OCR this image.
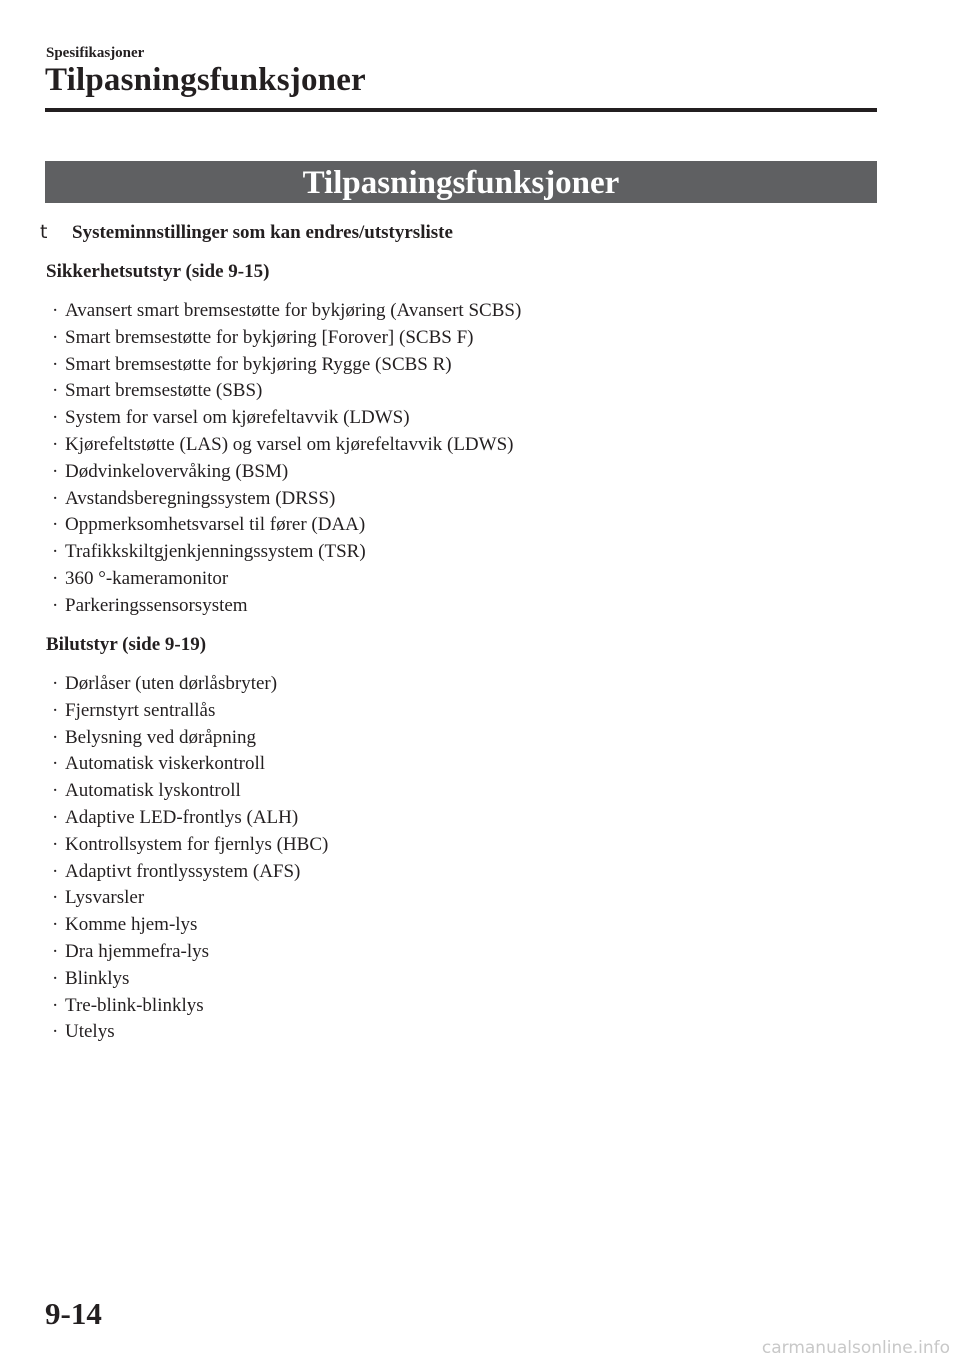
Spesifikasjoner
Tilpasningsfunksjoner
Tilpasningsfunksjoner
t Systeminnstillinger som kan endres/utstyrsliste
Sikkerhetsutstyr (side 9-15)
· Avansert smart bremsestøtte for bykjøring (Avansert SCBS)
· Smart bremsestøtte for bykjøring [Forover] (SCBS F)
· Smart bremsestøtte for bykjøring Rygge (SCBS R)
· Smart bremsestøtte (SBS)
· System for varsel om kjørefeltavvik (LDWS)
· Kjørefeltstøtte (LAS) og varsel om kjørefeltavvik (LDWS)
· Dødvinkelovervåking (BSM)
· Avstandsberegningssystem (DRSS)
· Oppmerksomhetsvarsel til fører (DAA)
· Trafikkskiltgjenkjenningssystem (TSR)
· 360 °-kameramonitor
· Parkeringssensorsystem
Bilutstyr (side 9-19)
· Dørlåser (uten dørlåsbryter)
· Fjernstyrt sentrallås
· Belysning ved døråpning
· Automatisk viskerkontroll
· Automatisk lyskontroll
· Adaptive LED-frontlys (ALH)
· Kontrollsystem for fjernlys (HBC)
· Adaptivt frontlyssystem (AFS)
· Lysvarsler
· Komme hjem-lys
· Dra hjemmefra-lys
· Blinklys
· Tre-blink-blinklys
· Utelys
9-14
carmanualsonline.info
